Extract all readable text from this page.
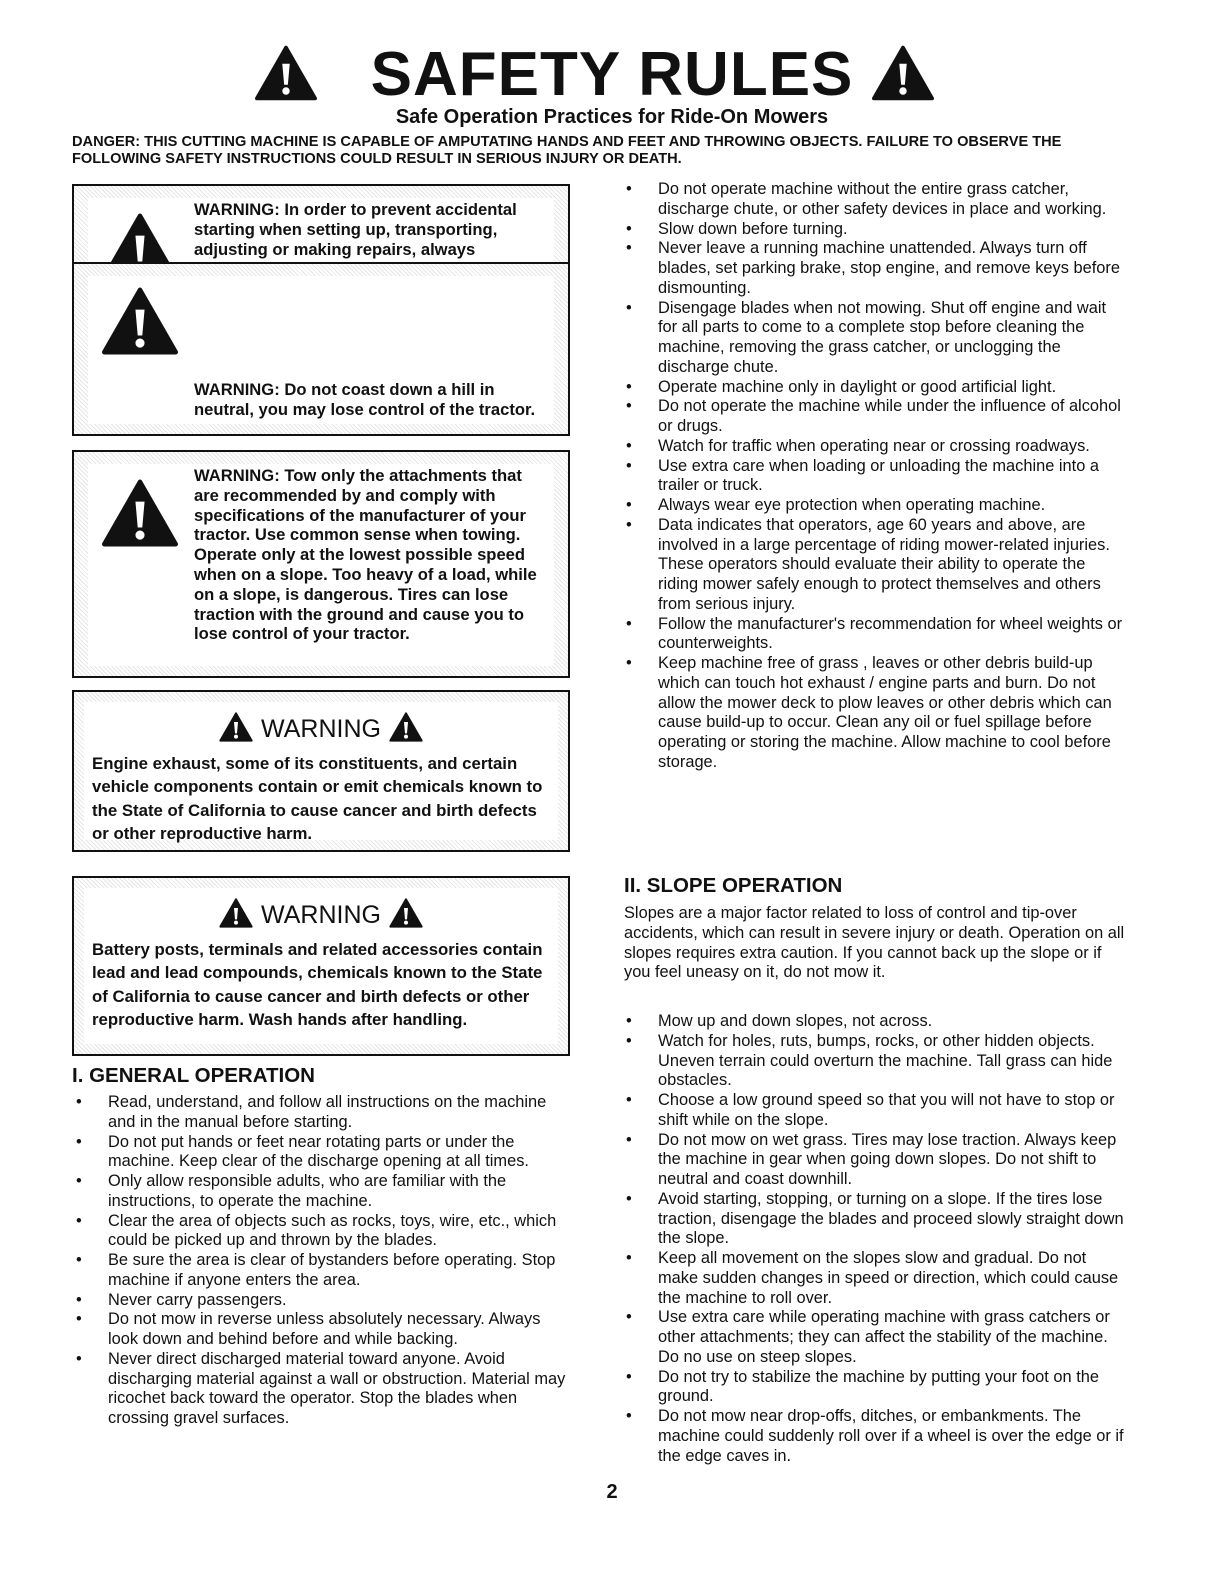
SAFETY RULES
Safe Operation Practices for Ride-On Mowers
DANGER: THIS CUTTING MACHINE IS CAPABLE OF AMPUTATING HANDS AND FEET AND THROWING OBJECTS. FAILURE TO OBSERVE THE FOLLOWING SAFETY INSTRUCTIONS COULD RESULT IN SERIOUS INJURY OR DEATH.
WARNING: In order to prevent accidental starting when setting up, transporting, adjusting or making repairs, always
WARNING: Do not coast down a hill in neutral, you may lose control of the tractor.
WARNING: Tow only the attachments that are recommended by and comply with specifications of the manufacturer of your tractor. Use common sense when towing. Operate only at the lowest possible speed when on a slope. Too heavy of a load, while on a slope, is dangerous. Tires can lose traction with the ground and cause you to lose control of your tractor.
WARNING
Engine exhaust, some of its constituents, and certain vehicle components contain or emit chemicals known to the State of California to cause cancer and birth defects or other reproductive harm.
WARNING
Battery posts, terminals and related accessories contain lead and lead compounds, chemicals known to the State of California to cause cancer and birth defects or other reproductive harm. Wash hands after handling.
I. GENERAL OPERATION
• Read, understand, and follow all instructions on the machine and in the manual before starting.
• Do not put hands or feet near rotating parts or under the machine. Keep clear of the discharge opening at all times.
• Only allow responsible adults, who are familiar with the instructions, to operate the machine.
• Clear the area of objects such as rocks, toys, wire, etc., which could be picked up and thrown by the blades.
• Be sure the area is clear of bystanders before operating. Stop machine if anyone enters the area.
• Never carry passengers.
• Do not mow in reverse unless absolutely necessary. Always look down and behind before and while backing.
• Never direct discharged material toward anyone. Avoid discharging material against a wall or obstruction. Material may ricochet back toward the operator. Stop the blades when crossing gravel surfaces.
• Do not operate machine without the entire grass catcher, discharge chute, or other safety devices in place and working.
• Slow down before turning.
• Never leave a running machine unattended. Always turn off blades, set parking brake, stop engine, and remove keys before dismounting.
• Disengage blades when not mowing. Shut off engine and wait for all parts to come to a complete stop before cleaning the machine, removing the grass catcher, or unclogging the discharge chute.
• Operate machine only in daylight or good artificial light.
• Do not operate the machine while under the influence of alcohol or drugs.
• Watch for traffic when operating near or crossing roadways.
• Use extra care when loading or unloading the machine into a trailer or truck.
• Always wear eye protection when operating machine.
• Data indicates that operators, age 60 years and above, are involved in a large percentage of riding mower-related injuries. These operators should evaluate their ability to operate the riding mower safely enough to protect themselves and others from serious injury.
• Follow the manufacturer's recommendation for wheel weights or counterweights.
• Keep machine free of grass , leaves or other debris build-up which can touch hot exhaust / engine parts and burn. Do not allow the mower deck to plow leaves or other debris which can cause build-up to occur. Clean any oil or fuel spillage before operating or storing the machine. Allow machine to cool before storage.
II. SLOPE OPERATION

Slopes are a major factor related to loss of control and tip-over accidents, which can result in severe injury or death. Operation on all slopes requires extra caution. If you cannot back up the slope or if you feel uneasy on it, do not mow it.

• Mow up and down slopes, not across.
• Watch for holes, ruts, bumps, rocks, or other hidden objects. Uneven terrain could overturn the machine. Tall grass can hide obstacles.
• Choose a low ground speed so that you will not have to stop or shift while on the slope.
• Do not mow on wet grass. Tires may lose traction. Always keep the machine in gear when going down slopes. Do not shift to neutral and coast downhill.
• Avoid starting, stopping, or turning on a slope. If the tires lose traction, disengage the blades and proceed slowly straight down the slope.
• Keep all movement on the slopes slow and gradual. Do not make sudden changes in speed or direction, which could cause the machine to roll over.
• Use extra care while operating machine with grass catchers or other attachments; they can affect the stability of the machine. Do no use on steep slopes.
• Do not try to stabilize the machine by putting your foot on the ground.
• Do not mow near drop-offs, ditches, or embankments. The machine could suddenly roll over if a wheel is over the edge or if the edge caves in.
2
